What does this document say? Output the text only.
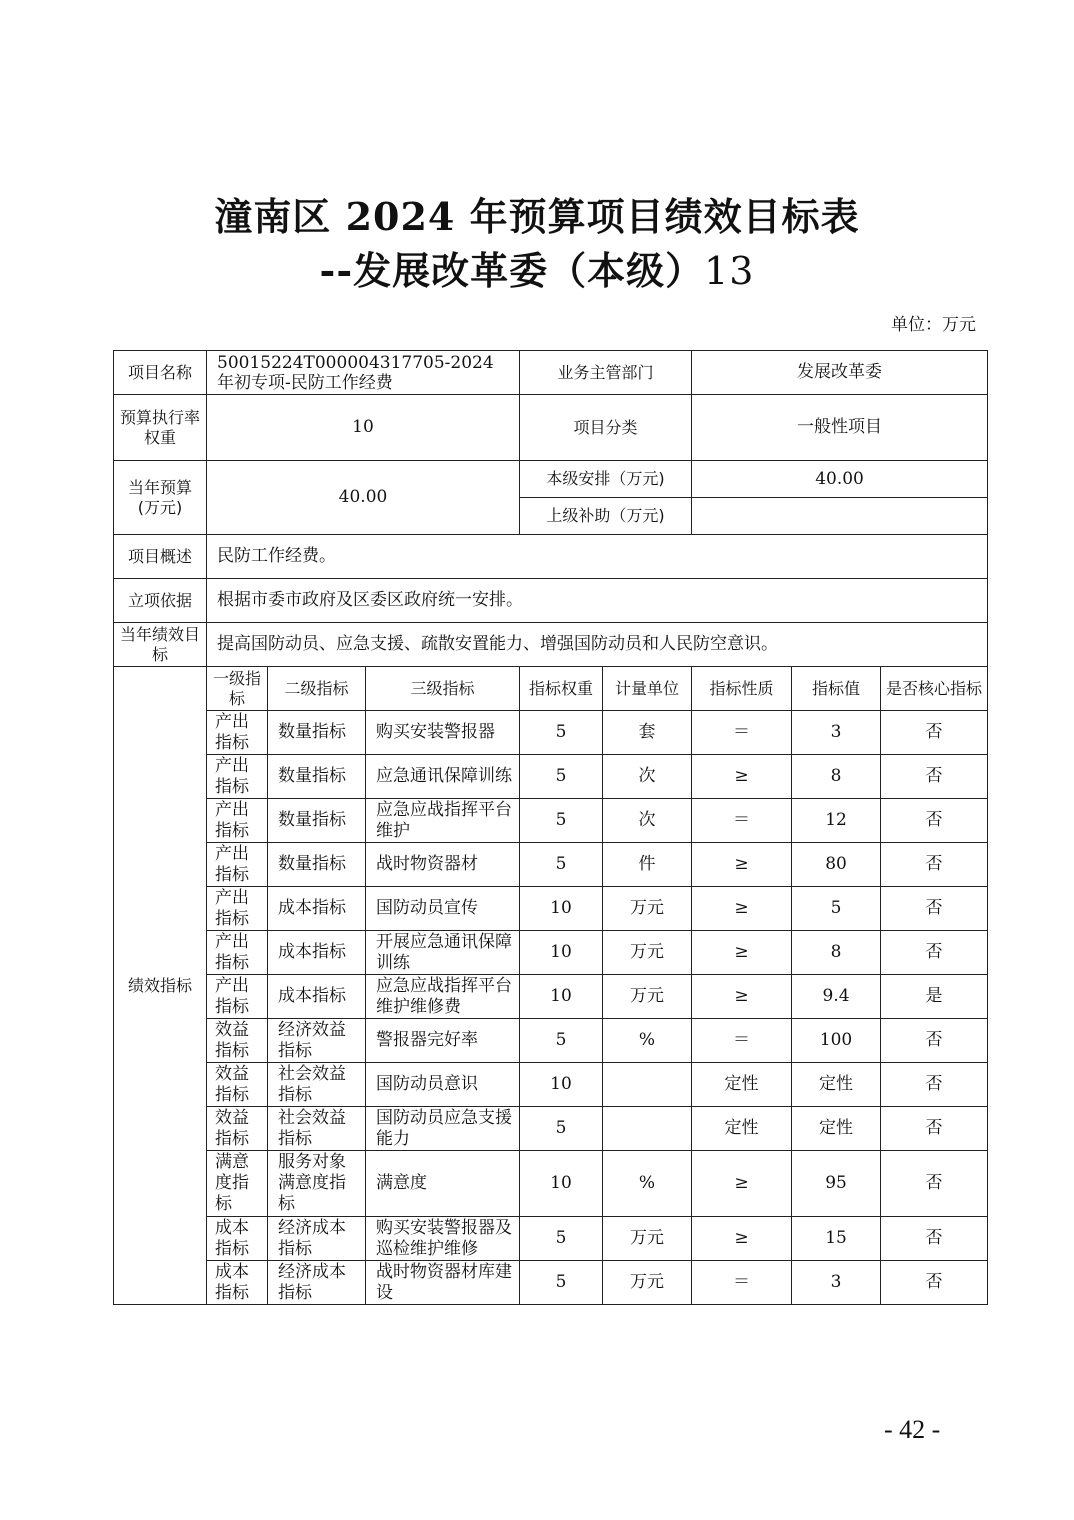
潼南区 2024 年预算项目绩效目标表
--发展改革委（本级）13
单位：万元
项目名称	50015224T000004317705-2024 年初专项-民防工作经费			业务主管部门		发展改革委		
预算执行率权重	10			项目分类		一般性项目		
当年预算(万元)	40.00			本级安排（万元)		40.00		
				上级补助（万元)				
项目概述	民防工作经费。							
立项依据	根据市委市政府及区委区政府统一安排。							
当年绩效目标	提高国防动员、应急支援、疏散安置能力、增强国防动员和人民防空意识。							
绩效指标	一级指标	二级指标	三级指标	指标权重	计量单位	指标性质	指标值	是否核心指标
	产出指标	数量指标	购买安装警报器	5	套	＝	3	否
	产出指标	数量指标	应急通讯保障训练	5	次	≥	8	否
	产出指标	数量指标	应急应战指挥平台维护	5	次	＝	12	否
	产出指标	数量指标	战时物资器材	5	件	≥	80	否
	产出指标	成本指标	国防动员宣传	10	万元	≥	5	否
	产出指标	成本指标	开展应急通讯保障训练	10	万元	≥	8	否
	产出指标	成本指标	应急应战指挥平台维护维修费	10	万元	≥	9.4	是
	效益指标	经济效益指标	警报器完好率	5	%	＝	100	否
	效益指标	社会效益指标	国防动员意识	10		定性	定性	否
	效益指标	社会效益指标	国防动员应急支援能力	5		定性	定性	否
	满意度指标	服务对象满意度指标	满意度	10	%	≥	95	否
	成本指标	经济成本指标	购买安装警报器及巡检维护维修	5	万元	≥	15	否
	成本指标	经济成本指标	战时物资器材库建设	5	万元	＝	3	否
- 42 -
